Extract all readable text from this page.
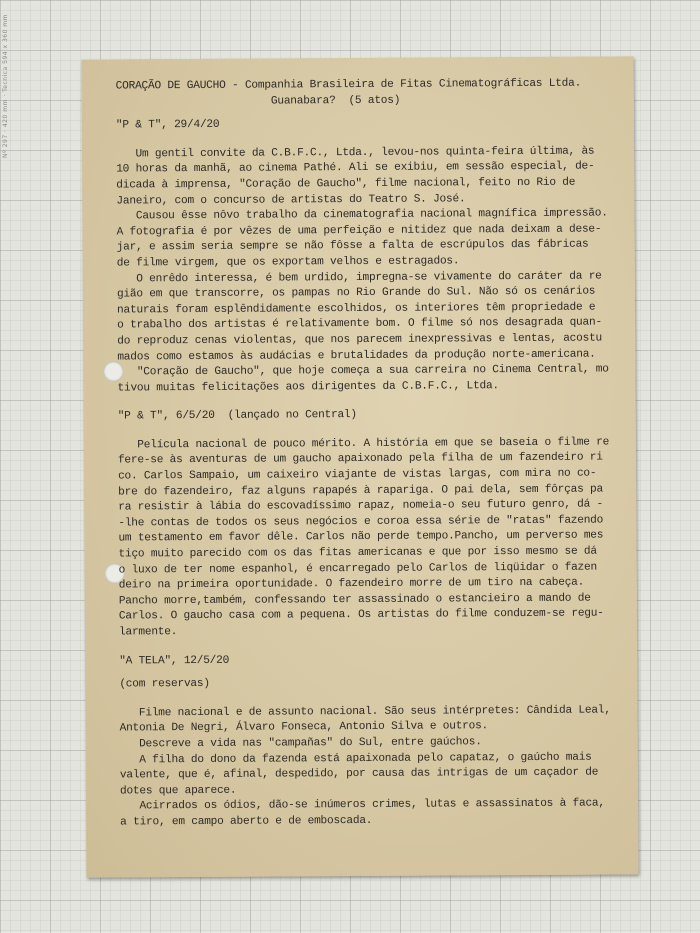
Nº 297 · 420 mm · Tecnica 594 x 360 mm	CORAÇÃO DE GAUCHO - Companhia Brasileira de Fitas Cinematográficas Ltda.
Guanabara?  (5 atos)
"P & T", 29/4/20
Um gentil convite da C.B.F.C., Ltda., levou-nos quinta-feira última, às
10 horas da manhã, ao cinema Pathé. Ali se exibiu, em sessão especial, de-
dicada à imprensa, "Coração de Gaucho", filme nacional, feito no Rio de
Janeiro, com o concurso de artistas do Teatro S. José.
Causou êsse nôvo trabalho da cinematografia nacional magnífica impressão.
A fotografia é por vêzes de uma perfeição e nitidez que nada deixam a dese-
jar, e assim seria sempre se não fôsse a falta de escrúpulos das fábricas
de filme virgem, que os exportam velhos e estragados.
O enrêdo interessa, é bem urdido, impregna-se vivamente do caráter da re
gião em que transcorre, os pampas no Rio Grande do Sul. Não só os cenários
naturais foram esplêndidamente escolhidos, os interiores têm propriedade e
o trabalho dos artistas é relativamente bom. O filme só nos desagrada quan-
do reproduz cenas violentas, que nos parecem inexpressivas e lentas, acostu
mados como estamos às audácias e brutalidades da produção norte-americana.
"Coração de Gaucho", que hoje começa a sua carreira no Cinema Central, mo
tivou muitas felicitações aos dirigentes da C.B.F.C., Ltda.
"P & T", 6/5/20  (lançado no Central)
Película nacional de pouco mérito. A história em que se baseia o filme re
fere-se às aventuras de um gaucho apaixonado pela filha de um fazendeiro ri
co. Carlos Sampaio, um caixeiro viajante de vistas largas, com mira no co-
bre do fazendeiro, faz alguns rapapés à rapariga. O pai dela, sem fôrças pa
ra resistir à lábia do escovadíssimo rapaz, nomeia-o seu futuro genro, dá -
-lhe contas de todos os seus negócios e coroa essa série de "ratas" fazendo
um testamento em favor dêle. Carlos não perde tempo.Pancho, um perverso mes
tiço muito parecido com os das fitas americanas e que por isso mesmo se dá
o luxo de ter nome espanhol, é encarregado pelo Carlos de liqüidar o fazen
deiro na primeira oportunidade. O fazendeiro morre de um tiro na cabeça.
Pancho morre,também, confessando ter assassinado o estancieiro a mando de
Carlos. O gaucho casa com a pequena. Os artistas do filme conduzem-se regu-
larmente.
"A TELA", 12/5/20
(com reservas)
Filme nacional e de assunto nacional. São seus intérpretes: Cândida Leal,
Antonia De Negri, Álvaro Fonseca, Antonio Silva e outros.
Descreve a vida nas "campañas" do Sul, entre gaúchos.
A filha do dono da fazenda está apaixonada pelo capataz, o gaúcho mais
valente, que é, afinal, despedido, por causa das intrigas de um caçador de
dotes que aparece.
Acirrados os ódios, dão-se inúmeros crimes, lutas e assassinatos à faca,
a tiro, em campo aberto e de emboscada.
